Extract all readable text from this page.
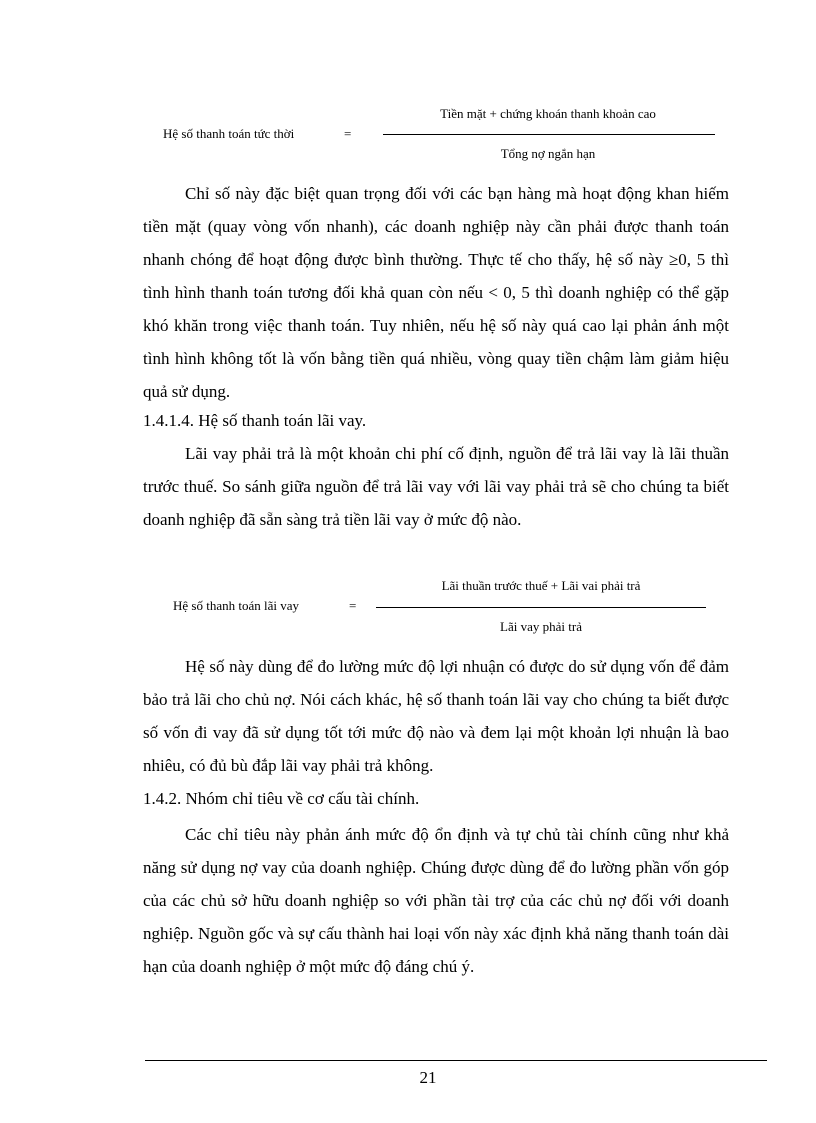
Hệ số thanh toán tức thời	=
Tiền mặt + chứng khoán thanh khoản cao
Tổng nợ ngắn hạn

Chỉ số này đặc biệt quan trọng đối với các bạn hàng mà hoạt động khan hiếm tiền mặt (quay vòng vốn nhanh), các doanh nghiệp này cần phải được thanh toán nhanh chóng để hoạt động được bình thường. Thực tế cho thấy, hệ số này ≥0, 5 thì tình hình thanh toán tương đối khả quan còn nếu < 0, 5 thì doanh nghiệp có thể gặp khó khăn trong việc thanh toán. Tuy nhiên, nếu hệ số này quá cao lại phản ánh một tình hình không tốt là vốn bằng tiền quá nhiều, vòng quay tiền chậm làm giảm hiệu quả sử dụng.

1.4.1.4. Hệ số thanh toán lãi vay.

Lãi vay phải trả là một khoản chi phí cố định, nguồn để trả lãi vay là lãi thuần trước thuế. So sánh giữa nguồn để trả lãi vay với lãi vay phải trả sẽ cho chúng ta biết doanh nghiệp đã sẵn sàng trả tiền lãi vay ở mức độ nào.

Hệ số thanh toán lãi vay	=
Lãi thuần trước thuế + Lãi vai phải trả
Lãi vay phải trả

Hệ số này dùng để đo lường mức độ lợi nhuận có được do sử dụng vốn để đảm bảo trả lãi cho chủ nợ. Nói cách khác, hệ số thanh toán lãi vay cho chúng ta biết được số vốn đi vay đã sử dụng tốt tới mức độ nào và đem lại một khoản lợi nhuận là bao nhiêu, có đủ bù đắp lãi vay phải trả không.

1.4.2. Nhóm chỉ tiêu về cơ cấu tài chính.

Các chỉ tiêu này phản ánh mức độ ổn định và tự chủ tài chính cũng như khả năng sử dụng nợ vay của doanh nghiệp. Chúng được dùng để đo lường phần vốn góp của các chủ sở hữu doanh nghiệp so với phần tài trợ của các chủ nợ đối với doanh nghiệp. Nguồn gốc và sự cấu thành hai loại vốn này xác định khả năng thanh toán dài hạn của doanh nghiệp ở một mức độ đáng chú ý.

21
